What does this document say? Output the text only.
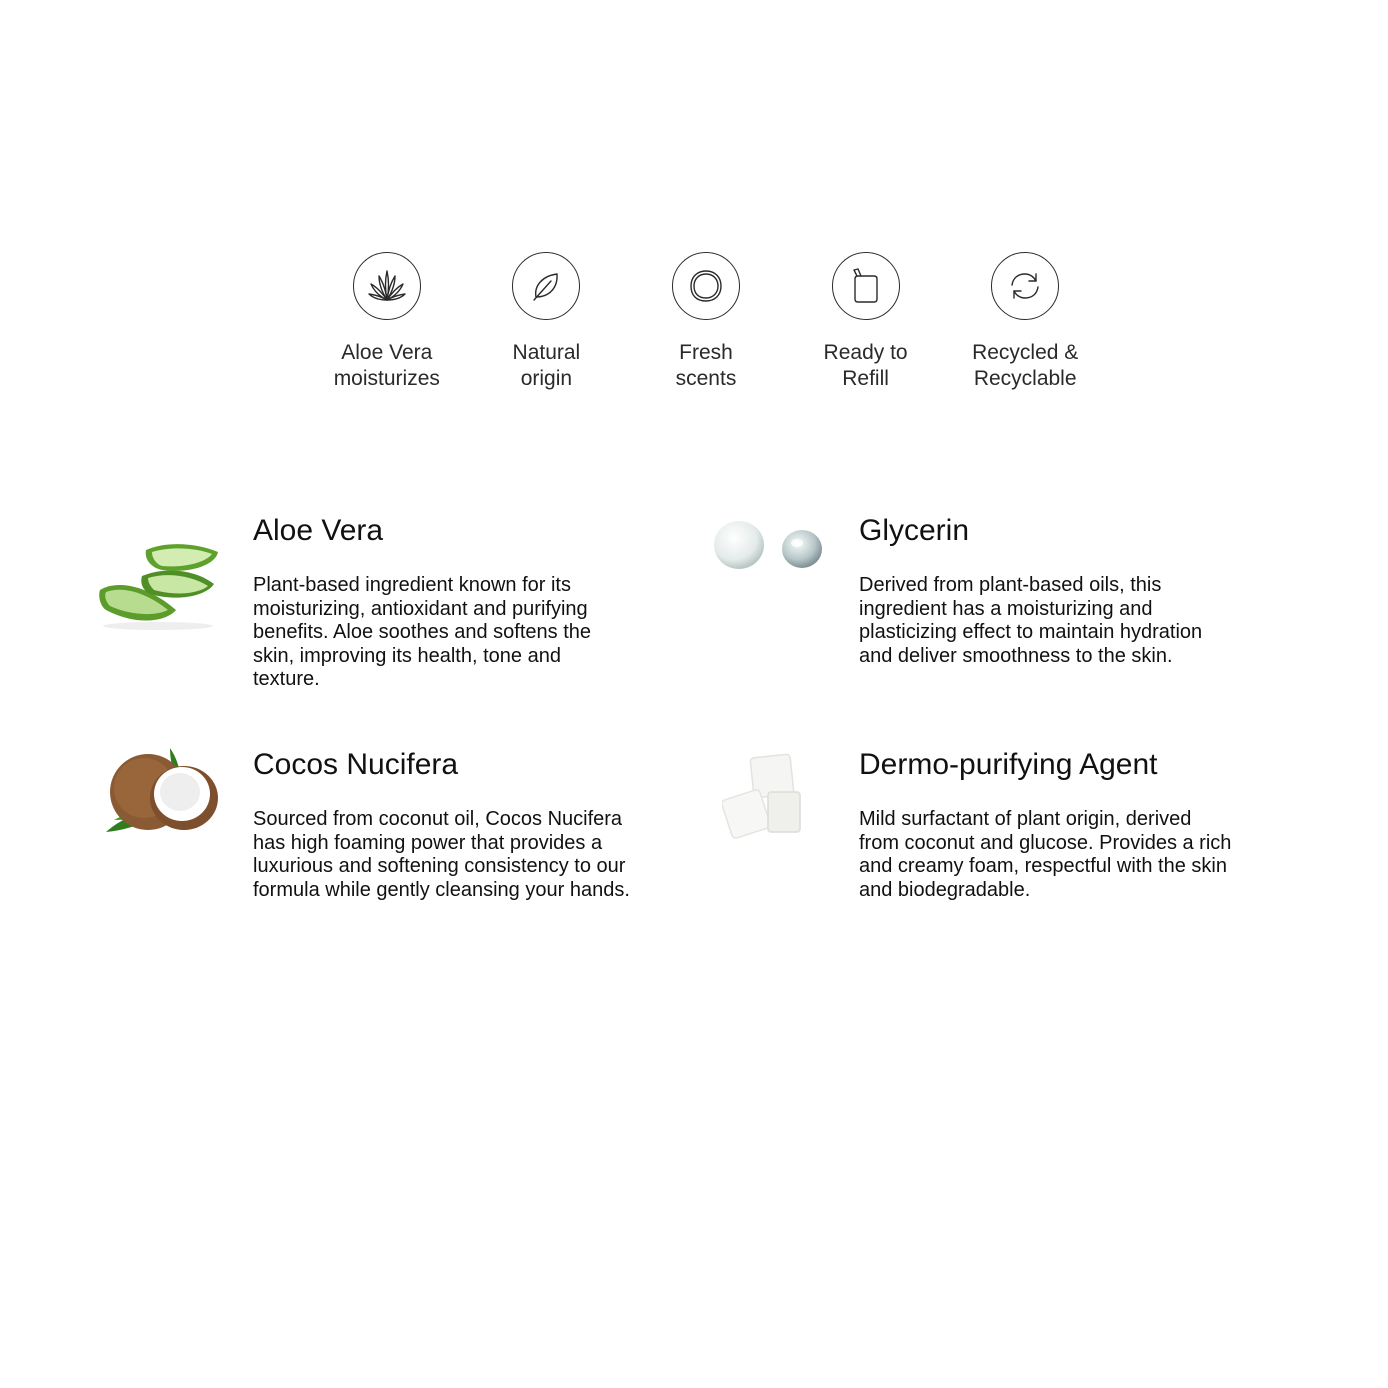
Aloe Vera
moisturizes
Natural
origin
Fresh
scents
Ready to
Refill
Recycled &
Recyclable
Aloe Vera
Plant-based ingredient known for its
moisturizing, antioxidant and purifying
benefits. Aloe soothes and softens the
skin, improving its health, tone and
texture.
Glycerin
Derived from plant-based oils, this
ingredient has a moisturizing and
plasticizing effect to maintain hydration
and deliver smoothness to the skin.
Cocos Nucifera
Sourced from coconut oil, Cocos Nucifera
has high foaming power that provides a
luxurious and softening consistency to our
formula while gently cleansing your hands.
Dermo-purifying Agent
Mild surfactant of plant origin, derived
from coconut and glucose. Provides a rich
and creamy foam, respectful with the skin
and biodegradable.
